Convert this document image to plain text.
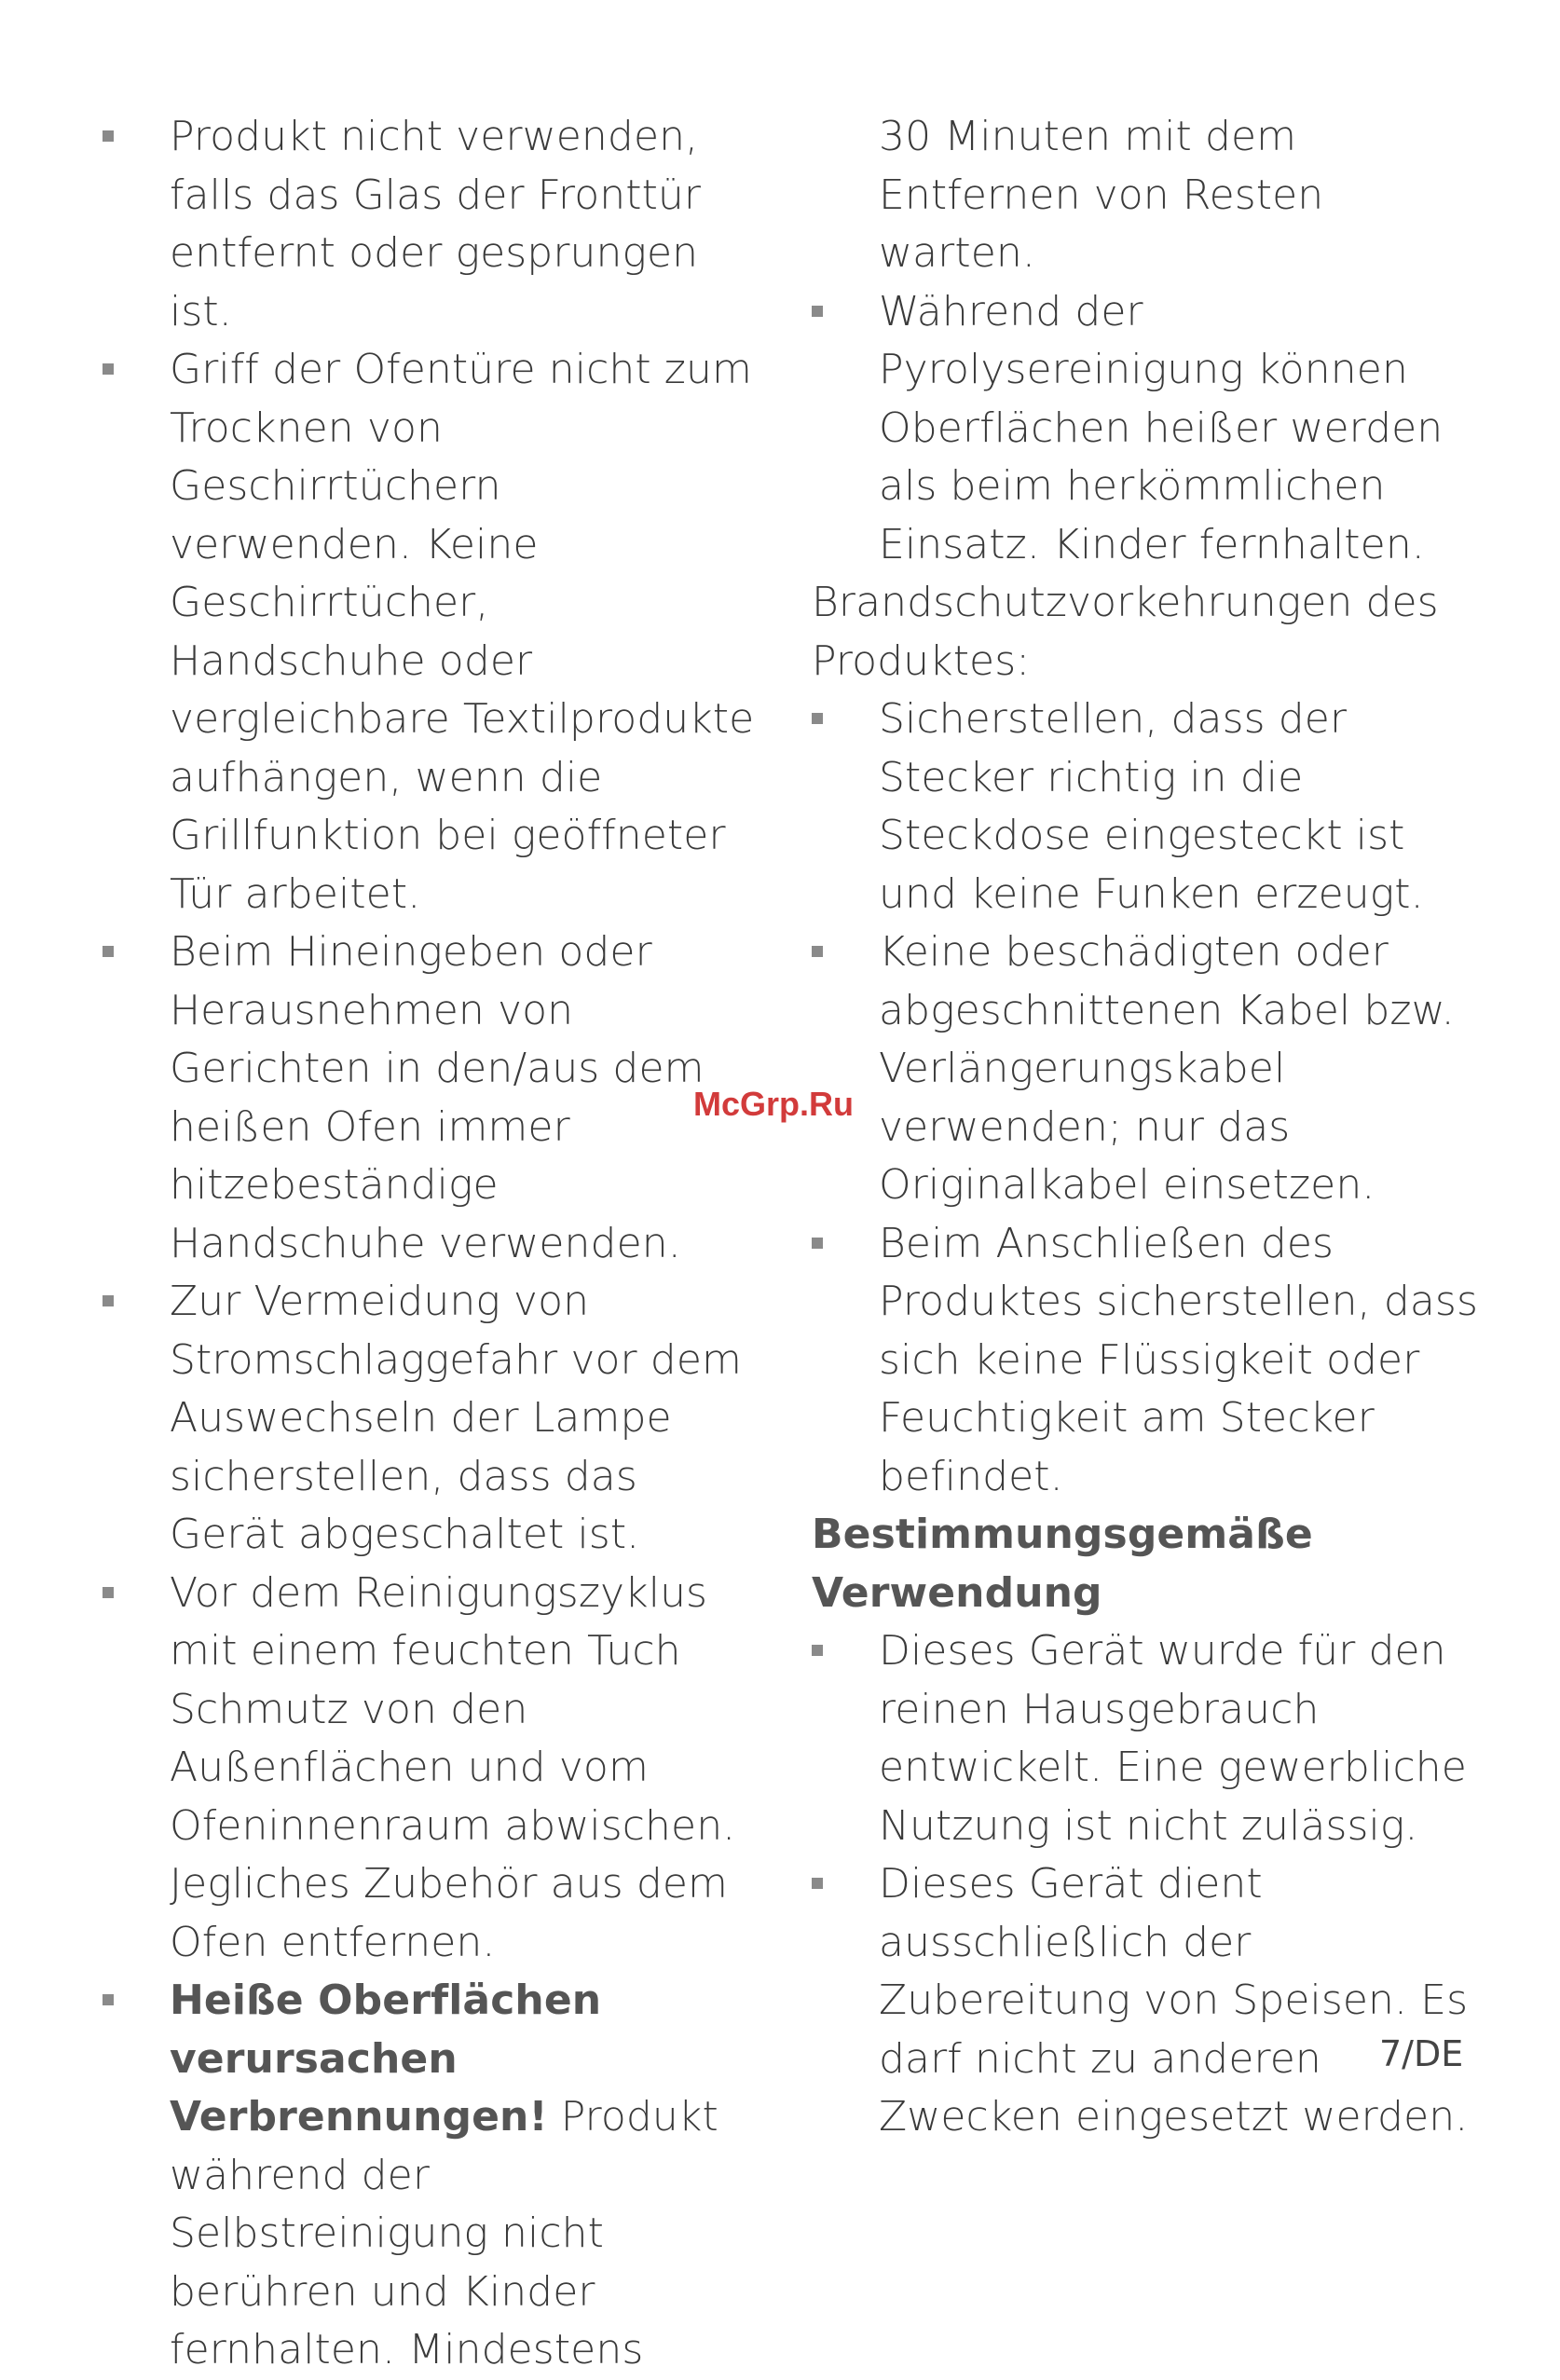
Produkt nicht verwenden, falls das Glas der Fronttür entfernt oder gesprungen ist.
Griff der Ofentüre nicht zum Trocknen von Geschirrtüchern verwenden. Keine Geschirrtücher, Handschuhe oder vergleichbare Textilprodukte aufhängen, wenn die Grillfunktion bei geöffneter Tür arbeitet.
Beim Hineingeben oder Herausnehmen von Gerichten in den/aus dem heißen Ofen immer hitzebeständige Handschuhe verwenden.
Zur Vermeidung von Stromschlaggefahr vor dem Auswechseln der Lampe sicherstellen, dass das Gerät abgeschaltet ist.
Vor dem Reinigungszyklus mit einem feuchten Tuch Schmutz von den Außenflächen und vom Ofeninnenraum abwischen. Jegliches Zubehör aus dem Ofen entfernen.
Heiße Oberflächen verursachen Verbrennungen! Produkt während der Selbstreinigung nicht berühren und Kinder fernhalten. Mindestens
30 Minuten mit dem Entfernen von Resten warten.
Während der Pyrolysereinigung können Oberflächen heißer werden als beim herkömmlichen Einsatz. Kinder fernhalten.

Brandschutzvorkehrungen des Produktes:

Sicherstellen, dass der Stecker richtig in die Steckdose eingesteckt ist und keine Funken erzeugt.
Keine beschädigten oder abgeschnittenen Kabel bzw. Verlängerungskabel verwenden; nur das Originalkabel einsetzen.
Beim Anschließen des Produktes sicherstellen, dass sich keine Flüssigkeit oder Feuchtigkeit am Stecker befindet.
Bestimmungsgemäße Verwendung
Dieses Gerät wurde für den reinen Hausgebrauch entwickelt. Eine gewerbliche Nutzung ist nicht zulässig.
Dieses Gerät dient ausschließlich der Zubereitung von Speisen. Es darf nicht zu anderen Zwecken eingesetzt werden.
McGrp.Ru
7/DE
